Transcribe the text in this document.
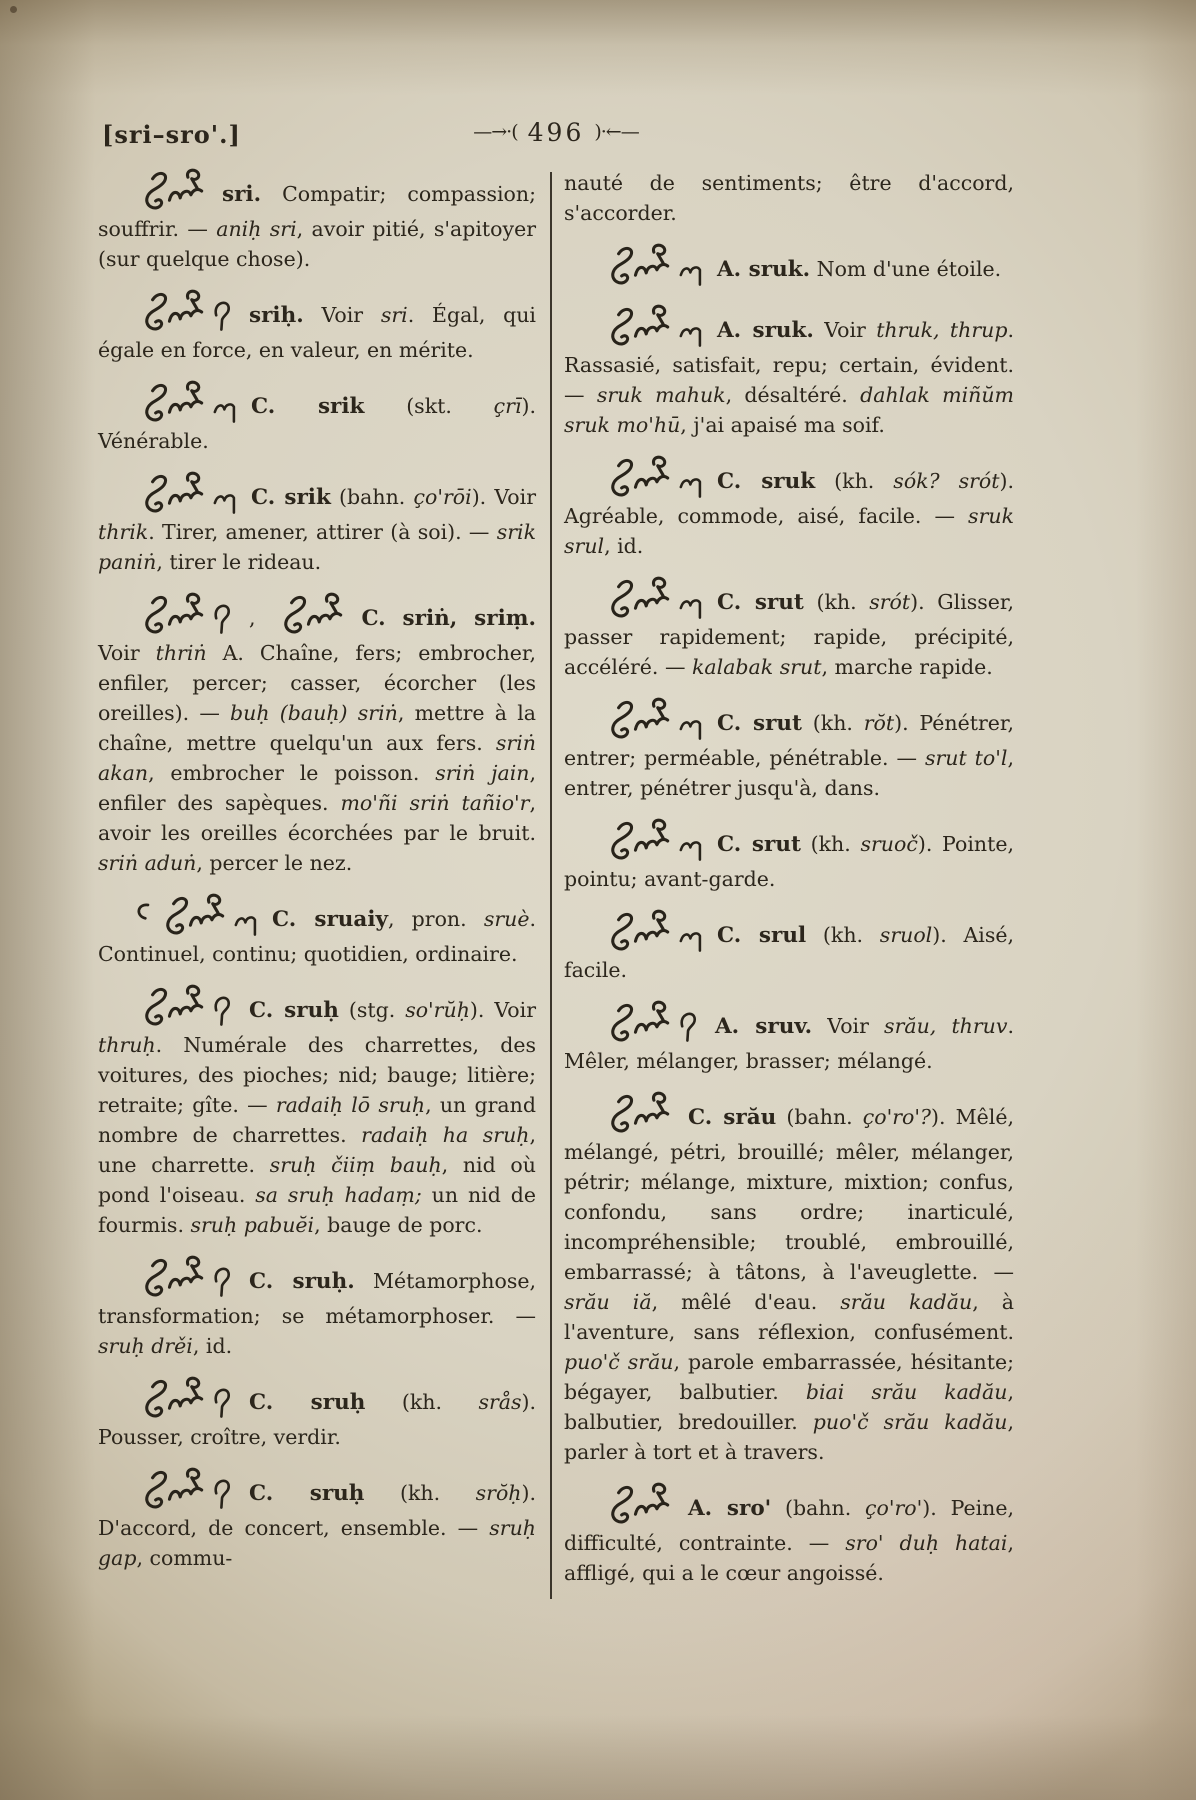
[sri–sro'.]	—→·( 496 )·←—

sri. Compatir; compassion; souffrir. — aniḥ sri, avoir pitié, s'apitoyer (sur quelque chose).

sriḥ. Voir sri. Égal, qui égale en force, en valeur, en mérite.

C. srik (skt. çrī). Vénérable.

C. srik (bahn. ço'rōi). Voir thrik. Tirer, amener, attirer (à soi). — srik paniṅ, tirer le rideau.

,	C. sriṅ, sriṃ. Voir thriṅ A. Chaîne, fers; embrocher, enfiler, percer; casser, écorcher (les oreilles). — buḥ (bauḥ) sriṅ, mettre à la chaîne, mettre quelqu'un aux fers. sriṅ akan, embrocher le poisson. sriṅ jain, enfiler des sapèques. mo'ñi sriṅ tañio'r, avoir les oreilles écorchées par le bruit. sriṅ aduṅ, percer le nez.

C. sruaiy, pron. sruè. Continuel, continu; quotidien, ordinaire.

C. sruḥ (stg. so'rŭḥ). Voir thruḥ. Numérale des charrettes, des voitures, des pioches; nid; bauge; litière; retraite; gîte. — radaiḥ lō sruḥ, un grand nombre de charrettes. radaiḥ ha sruḥ, une charrette. sruḥ čiiṃ bauḥ, nid où pond l'oiseau. sa sruḥ hadaṃ; un nid de fourmis. sruḥ pabuĕi, bauge de porc.

C. sruḥ. Métamorphose, transformation; se métamorphoser. — sruḥ drěi, id.

C. sruḥ (kh. srås). Pousser, croître, verdir.

C. sruḥ (kh. srŏḥ). D'accord, de concert, ensemble. — sruḥ gap, commu-

nauté de sentiments; être d'accord, s'accorder.

A. sruk. Nom d'une étoile.

A. sruk. Voir thruk, thrup. Rassasié, satisfait, repu; certain, évident. — sruk mahuk, désaltéré. dahlak miñŭm sruk mo'hū, j'ai apaisé ma soif.

C. sruk (kh. sók? srót). Agréable, commode, aisé, facile. — sruk srul, id.

C. srut (kh. srót). Glisser, passer rapidement; rapide, précipité, accéléré. — kalabak srut, marche rapide.

C. srut (kh. rŏt). Pénétrer, entrer; perméable, pénétrable. — srut to'l, entrer, pénétrer jusqu'à, dans.

C. srut (kh. sruoč). Pointe, pointu; avant-garde.

C. srul (kh. sruol). Aisé, facile.

A. sruv. Voir srău, thruv. Mêler, mélanger, brasser; mélangé.

C. srău (bahn. ço'ro'?). Mêlé, mélangé, pétri, brouillé; mêler, mélanger, pétrir; mélange, mixture, mixtion; confus, confondu, sans ordre; inarticulé, incompréhensible; troublé, embrouillé, embarrassé; à tâtons, à l'aveuglette. — srău iă, mêlé d'eau. srău kadău, à l'aventure, sans réflexion, confusément. puo'č srău, parole embarrassée, hésitante; bégayer, balbutier. biai srău kadău, balbutier, bredouiller. puo'č srău kadău, parler à tort et à travers.

A. sro' (bahn. ço'ro'). Peine, difficulté, contrainte. — sro' duḥ hatai, affligé, qui a le cœur angoissé.
